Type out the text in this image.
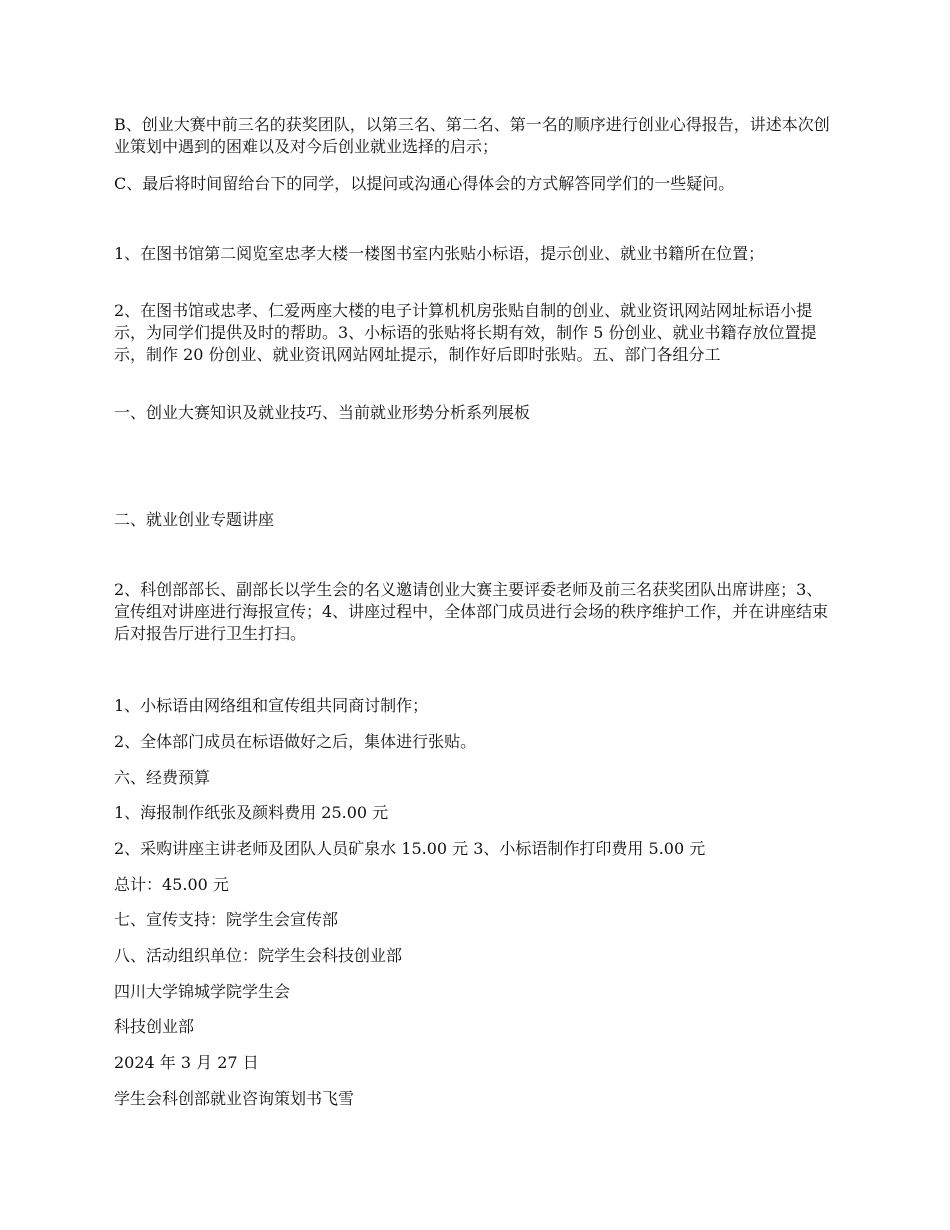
B、创业大赛中前三名的获奖团队，以第三名、第二名、第一名的顺序进行创业心得报告，讲述本次创业策划中遇到的困难以及对今后创业就业选择的启示；

C、最后将时间留给台下的同学，以提问或沟通心得体会的方式解答同学们的一些疑问。

1、在图书馆第二阅览室忠孝大楼一楼图书室内张贴小标语，提示创业、就业书籍所在位置；

2、在图书馆或忠孝、仁爱两座大楼的电子计算机机房张贴自制的创业、就业资讯网站网址标语小提示，为同学们提供及时的帮助。3、小标语的张贴将长期有效，制作 5 份创业、就业书籍存放位置提示，制作 20 份创业、就业资讯网站网址提示，制作好后即时张贴。五、部门各组分工

一、创业大赛知识及就业技巧、当前就业形势分析系列展板

二、就业创业专题讲座

2、科创部部长、副部长以学生会的名义邀请创业大赛主要评委老师及前三名获奖团队出席讲座；3、宣传组对讲座进行海报宣传；4、讲座过程中，全体部门成员进行会场的秩序维护工作，并在讲座结束后对报告厅进行卫生打扫。

1、小标语由网络组和宣传组共同商讨制作；

2、全体部门成员在标语做好之后，集体进行张贴。

六、经费预算

1、海报制作纸张及颜料费用 25.00 元

2、采购讲座主讲老师及团队人员矿泉水 15.00 元 3、小标语制作打印费用 5.00 元

总计：45.00 元

七、宣传支持：院学生会宣传部

八、活动组织单位：院学生会科技创业部

四川大学锦城学院学生会

科技创业部

2024 年 3 月 27 日

学生会科创部就业咨询策划书飞雪
